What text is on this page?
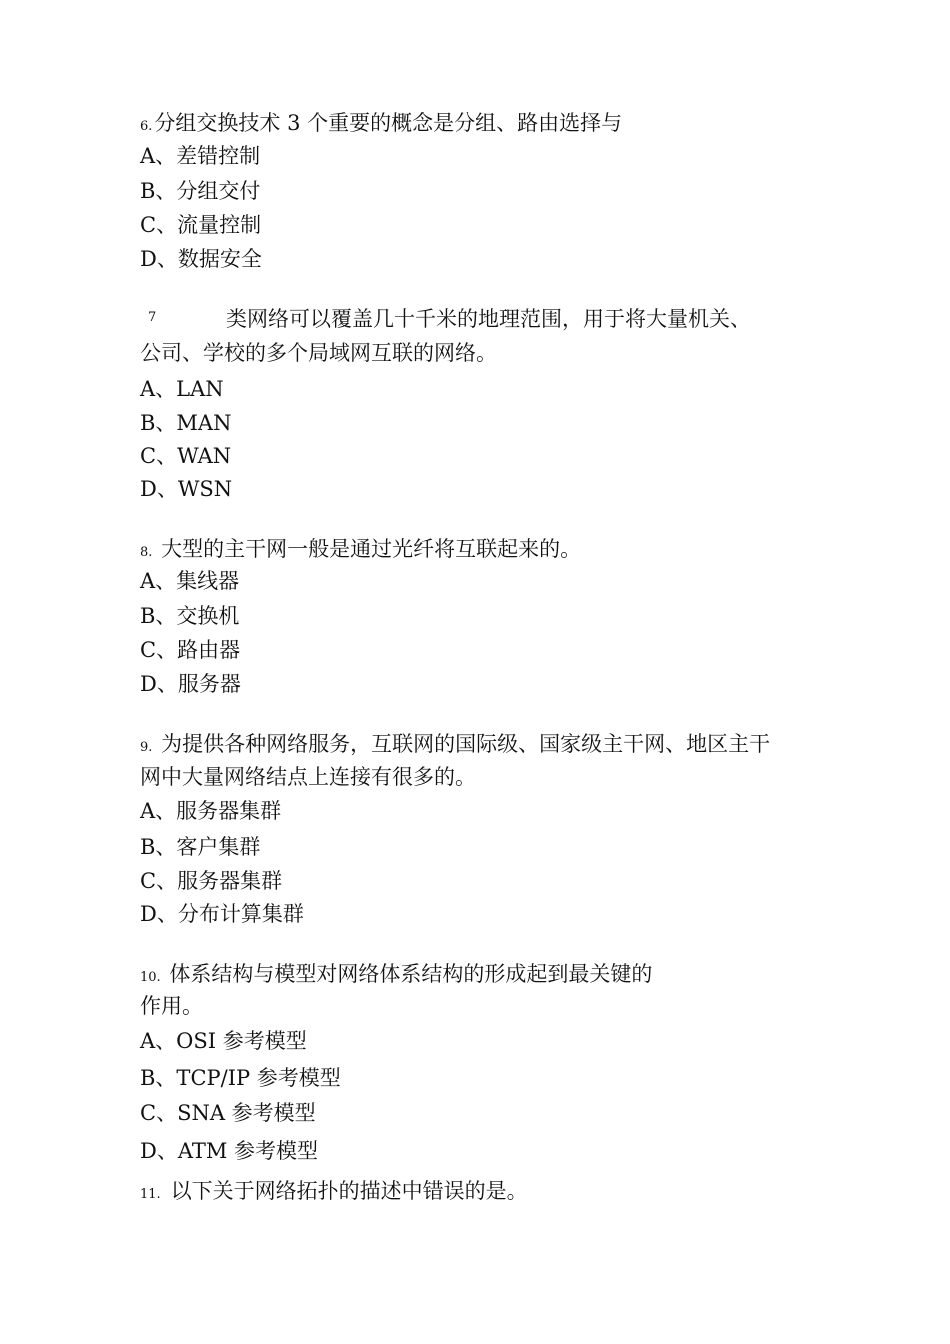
6.分组交换技术 3 个重要的概念是分组、路由选择与
A、差错控制
B、分组交付
C、流量控制
D、数据安全
7	类网络可以覆盖几十千米的地理范围，用于将大量机关、
公司、学校的多个局域网互联的网络。
A、LAN
B、MAN
C、WAN
D、WSN
8. 大型的主干网一般是通过光纤将互联起来的。
A、集线器
B、交换机
C、路由器
D、服务器
9. 为提供各种网络服务，互联网的国际级、国家级主干网、地区主干
网中大量网络结点上连接有很多的。
A、服务器集群
B、客户集群
C、服务器集群
D、分布计算集群
10. 体系结构与模型对网络体系结构的形成起到最关键的
作用。
A、OSI 参考模型
B、TCP/IP 参考模型
C、SNA 参考模型
D、ATM 参考模型
11. 以下关于网络拓扑的描述中错误的是。
